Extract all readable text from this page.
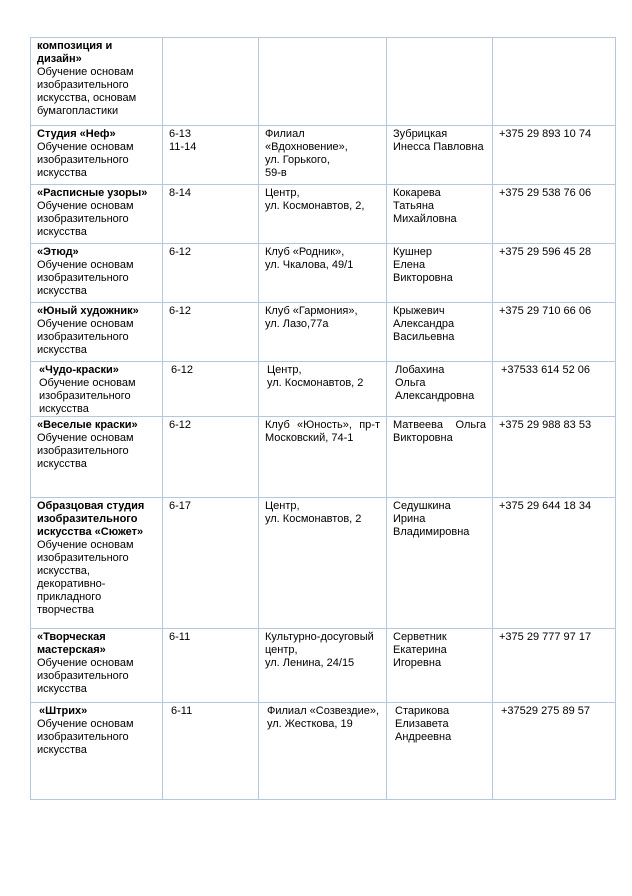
композиция и дизайн»
Обучение основам изобразительного искусства, основам бумагопластики				

Студия «Неф»
Обучение основам изобразительного искусства	6-13
11-14	Филиал
«Вдохновение»,
ул. Горького,
59-в	Зубрицкая
Инесса Павловна	+375 29 893 10 74

«Расписные узоры»
Обучение основам изобразительного искусства	8-14	Центр,
ул. Космонавтов, 2,	Кокарева
Татьяна
Михайловна	+375 29 538 76 06

«Этюд»
Обучение основам изобразительного искусства	6-12	Клуб «Родник»,
ул. Чкалова, 49/1	Кушнер
Елена Викторовна	+375 29 596 45 28

«Юный художник»
Обучение основам изобразительного искусства	6-12	Клуб «Гармония»,
ул. Лазо,77а	Крыжевич
Александра
Васильевна	+375 29 710 66 06

«Чудо-краски»
Обучение основам изобразительного искусства	6-12	Центр,
ул. Космонавтов, 2	Лобахина
Ольга
Александровна	+37533 614 52 06

«Веселые краски»
Обучение основам изобразительного искусства	6-12	Клуб «Юность», пр-т Московский, 74-1	Матвеева Ольга Викторовна	+375 29 988 83 53

Образцовая студия изобразительного искусства «Сюжет»
Обучение основам изобразительного искусства, декоративно-прикладного творчества	6-17	Центр,
ул. Космонавтов, 2	Седушкина Ирина Владимировна	+375 29 644 18 34

«Творческая мастерская»
Обучение основам изобразительного искусства	6-11	Культурно-досуговый центр,
ул. Ленина, 24/15	Серветник
Екатерина
Игоревна	+375 29 777 97 17

«Штрих»
Обучение основам изобразительного искусства	6-11	Филиал «Созвездие»,
ул. Жесткова, 19	Старикова
Елизавета
Андреевна	+37529 275 89 57
